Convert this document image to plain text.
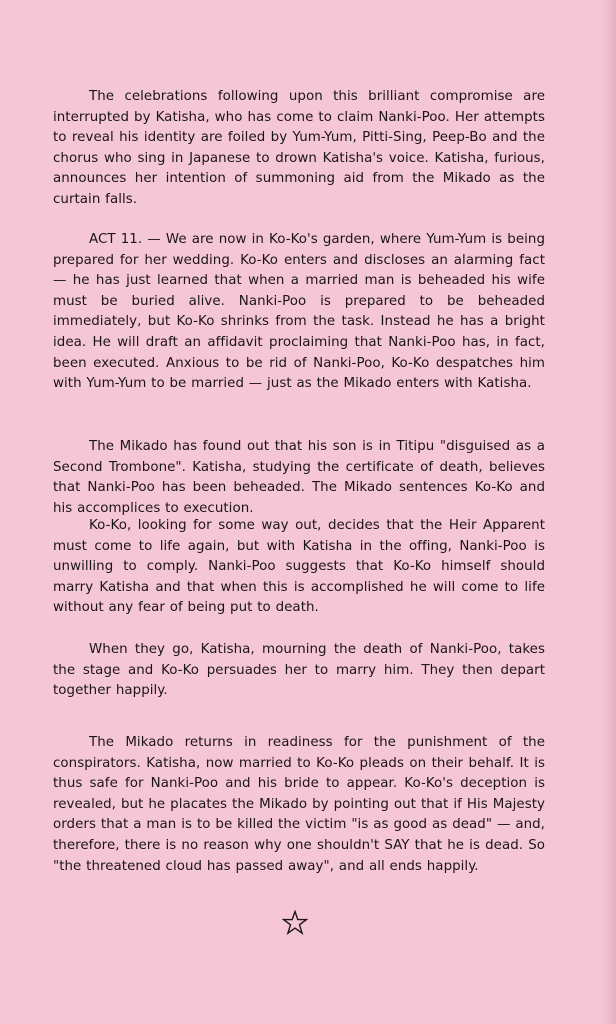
The celebrations following upon this brilliant compromise are interrupted by Katisha, who has come to claim Nanki-Poo. Her attempts to reveal his identity are foiled by Yum-Yum, Pitti-Sing, Peep-Bo and the chorus who sing in Japanese to drown Katisha's voice. Katisha, furious, announces her intention of summoning aid from the Mikado as the curtain falls.

ACT 11. — We are now in Ko-Ko's garden, where Yum-Yum is being prepared for her wedding. Ko-Ko enters and discloses an alarming fact — he has just learned that when a married man is beheaded his wife must be buried alive. Nanki-Poo is prepared to be beheaded immediately, but Ko-Ko shrinks from the task. Instead he has a bright idea. He will draft an affidavit proclaiming that Nanki-Poo has, in fact, been executed. Anxious to be rid of Nanki-Poo, Ko-Ko despatches him with Yum-Yum to be married — just as the Mikado enters with Katisha.

The Mikado has found out that his son is in Titipu "disguised as a Second Trombone". Katisha, studying the certificate of death, believes that Nanki-Poo has been beheaded. The Mikado sentences Ko-Ko and his accomplices to execution.

Ko-Ko, looking for some way out, decides that the Heir Apparent must come to life again, but with Katisha in the offing, Nanki-Poo is unwilling to comply. Nanki-Poo suggests that Ko-Ko himself should marry Katisha and that when this is accomplished he will come to life without any fear of being put to death.

When they go, Katisha, mourning the death of Nanki-Poo, takes the stage and Ko-Ko persuades her to marry him. They then depart together happily.

The Mikado returns in readiness for the punishment of the conspirators. Katisha, now married to Ko-Ko pleads on their behalf. It is thus safe for Nanki-Poo and his bride to appear. Ko-Ko's deception is revealed, but he placates the Mikado by pointing out that if His Majesty orders that a man is to be killed the victim "is as good as dead" — and, therefore, there is no reason why one shouldn't SAY that he is dead. So "the threatened cloud has passed away", and all ends happily.
